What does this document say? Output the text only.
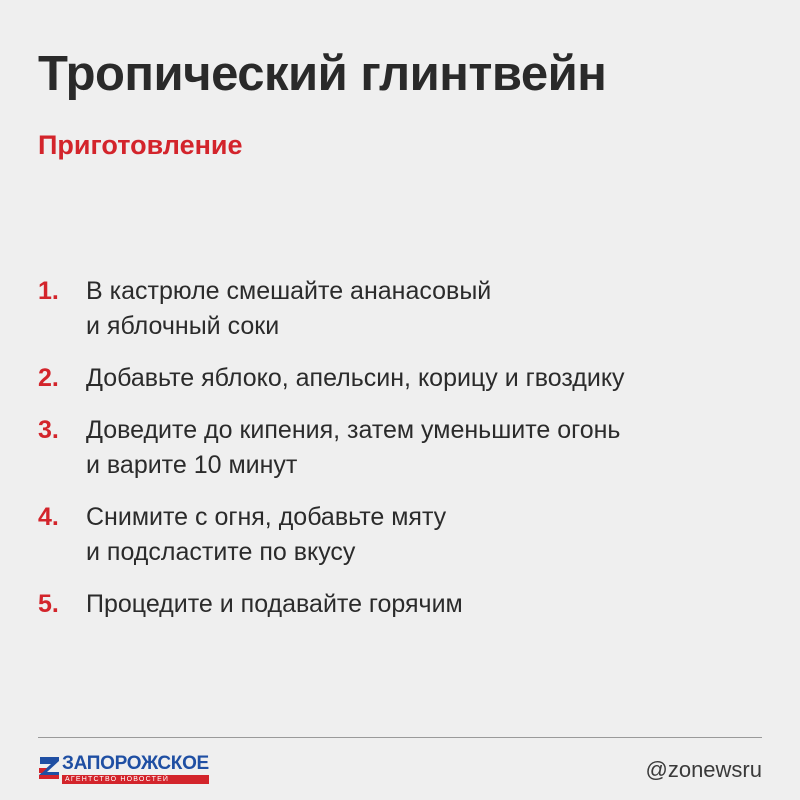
Тропический глинтвейн
Приготовление
1.	В кастрюле смешайте ананасовый
и яблочный соки
2.	Добавьте яблоко, апельсин, корицу и гвоздику
3.	Доведите до кипения, затем уменьшите огонь
и варите 10 минут
4.	Снимите с огня, добавьте мяту
и подсластите по вкусу
5.	Процедите и подавайте горячим
ЗАПОРОЖСКОЕ
АГЕНТСТВО НОВОСТЕЙ	@zonewsru
